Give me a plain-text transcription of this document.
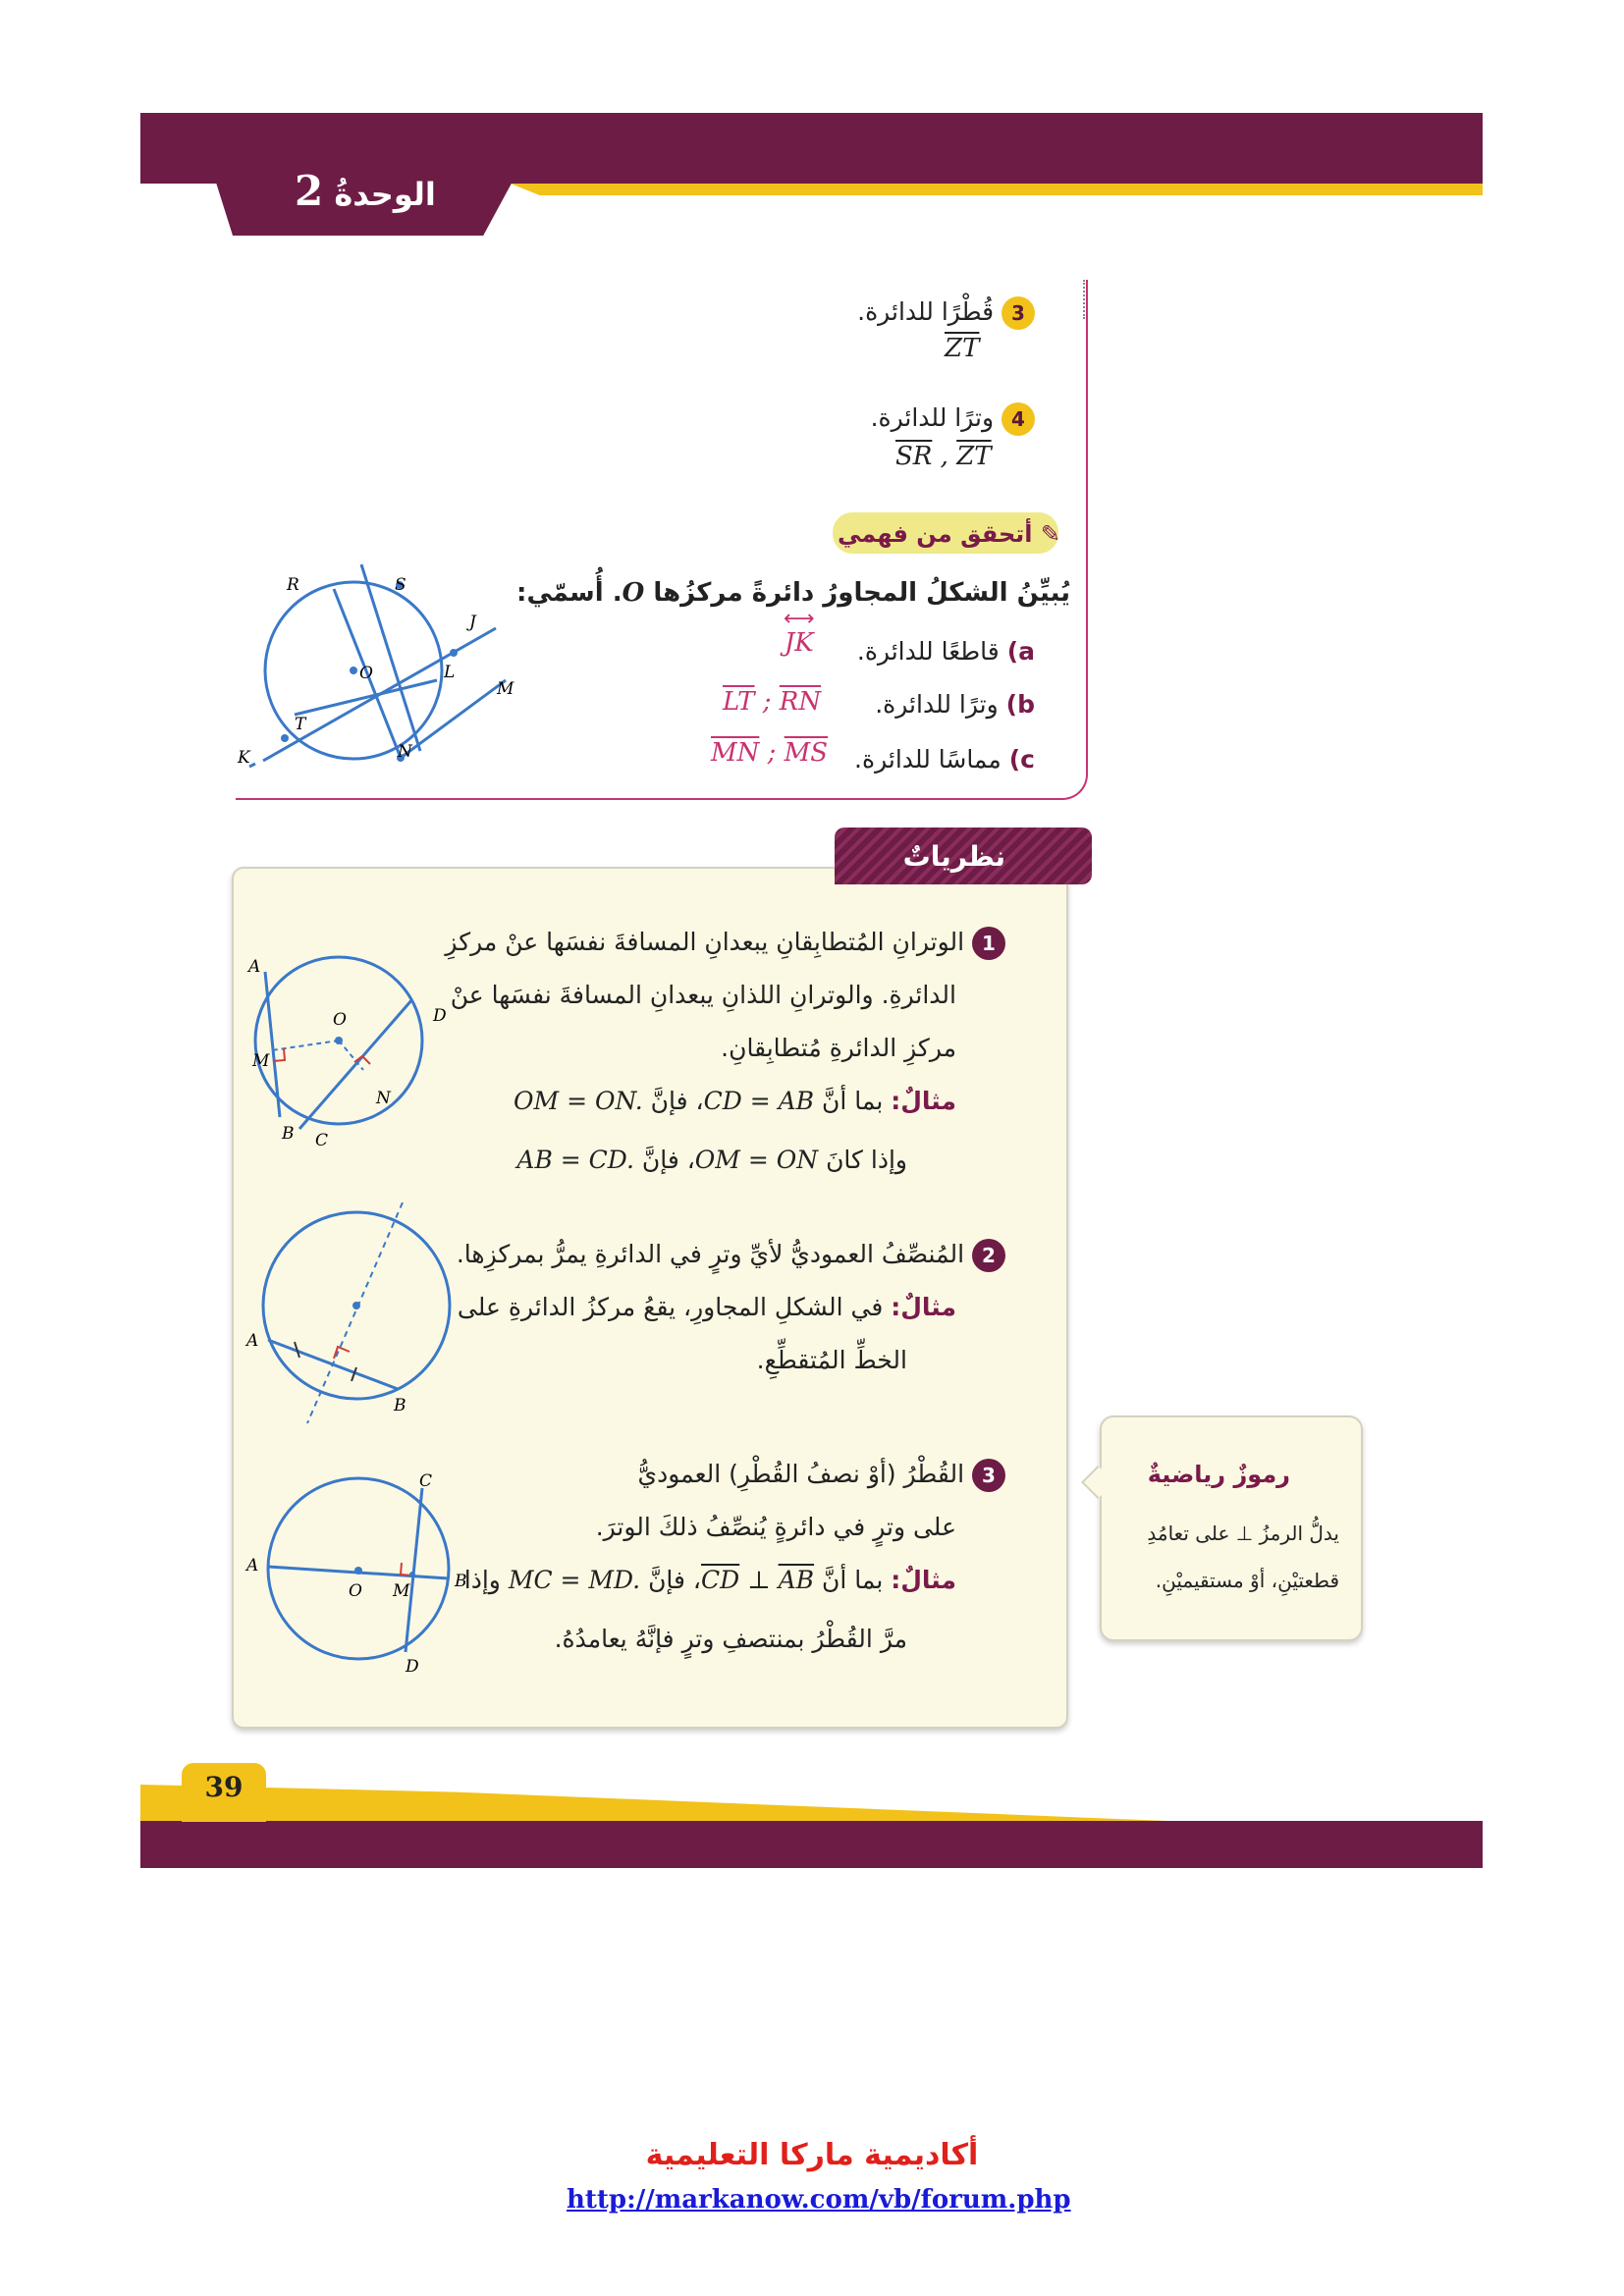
2 الوحدةُ
3 قُطْرًا للدائرة.
$\overline{ZT}$
4 وترًا للدائرة.
$\overline{SR}$ , $\overline{ZT}$
✎ أتحقق من فهمي
يُبيِّنُ الشكلُ المجاورُ دائرةً مركزُها O. أُسمّي:
a) قاطعًا للدائرة.
⟷
JK
b) وترًا للدائرة.
$\overline{LT}$ ; $\overline{RN}$
c) مماسًا للدائرة.
$\overline{MN}$ ; $\overline{MS}$
R	S
J
O	L
M
T
K	N
نظرياتٌ
1 الوترانِ المُتطابِقانِ يبعدانِ المسافةَ نفسَها عنْ مركزِ
الدائرةِ. والوترانِ اللذانِ يبعدانِ المسافةَ نفسَها عنْ
مركزِ الدائرةِ مُتطابِقانِ.
مثالٌ: بما أنَّ CD = AB، فإنَّ OM = ON.
وإذا كانَ OM = ON، فإنَّ AB = CD.
A
O	D
M
N
B C
2 المُنصِّفُ العموديُّ لأيِّ وترٍ في الدائرةِ يمرُّ بمركزِها.
مثالٌ: في الشكلِ المجاورِ، يقعُ مركزُ الدائرةِ على
الخطِّ المُتقطِّعِ.
A
B
3 القُطْرُ (أوْ نصفُ القُطْرِ) العموديُّ
على وترٍ في دائرةٍ يُنصِّفُ ذلكَ الوترَ.
مثالٌ: بما أنَّ $\overline{CD}$ ⊥ $\overline{AB}،$ فإنَّ MC = MD. وإذا
مرَّ القُطْرُ بمنتصفِ وترٍ فإنَّهُ يعامدُهُ.
C
A
O M	B
D
رموزٌ رياضيةٌ
يدلُّ الرمزُ ⊥ على تعامُدِ
قطعتيْنِ، أوْ مستقيميْنِ.
39
أكاديمية ماركا التعليمية
http://markanow.com/vb/forum.php
